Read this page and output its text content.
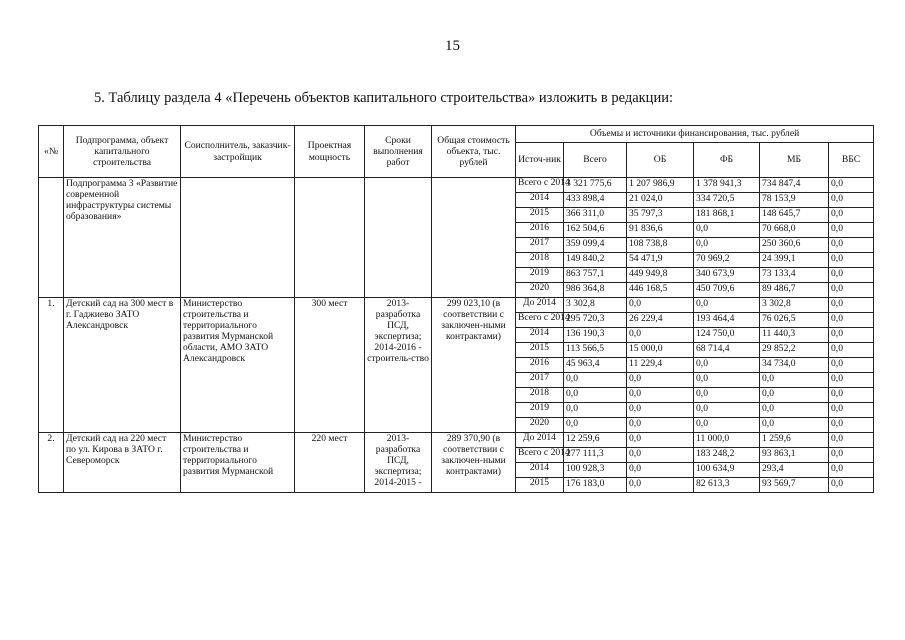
15
5. Таблицу раздела 4 «Перечень объектов капитального строительства» изложить в редакции:
«№	Подпрограмма, объект капитального строительства	Соисполнитель, заказчик-застройщик	Проектная мощность	Сроки выполнения работ	Общая стоимость объекта, тыс. рублей	Объемы и источники финансирования, тыс. рублей					
						Источ-ник	Всего	ОБ	ФБ	МБ	ВБС
	Подпрограмма 3 «Развитие современной инфраструктуры системы образования»					Всего с 2014	3 321 775,6	1 207 986,9	1 378 941,3	734 847,4	0,0
						2014	433 898,4	21 024,0	334 720,5	78 153,9	0,0
						2015	366 311,0	35 797,3	181 868,1	148 645,7	0,0
						2016	162 504,6	91 836,6	0,0	70 668,0	0,0
						2017	359 099,4	108 738,8	0,0	250 360,6	0,0
						2018	149 840,2	54 471,9	70 969,2	24 399,1	0,0
						2019	863 757,1	449 949,8	340 673,9	73 133,4	0,0
						2020	986 364,8	446 168,5	450 709,6	89 486,7	0,0
1.	Детский сад на 300 мест в г. Гаджиево ЗАТО Александровск	Министерство строительства и территориального развития Мурманской области, АМО ЗАТО Александровск	300 мест	2013- разработка ПСД, экспертиза; 2014-2016 - строитель-ство	299 023,10 (в соответствии с заключен-ными контрактами)	До 2014	3 302,8	0,0	0,0	3 302,8	0,0
						Всего с 2014	295 720,3	26 229,4	193 464,4	76 026,5	0,0
						2014	136 190,3	0,0	124 750,0	11 440,3	0,0
						2015	113 566,5	15 000,0	68 714,4	29 852,2	0,0
						2016	45 963,4	11 229,4	0,0	34 734,0	0,0
						2017	0,0	0,0	0,0	0,0	0,0
						2018	0,0	0,0	0,0	0,0	0,0
						2019	0,0	0,0	0,0	0,0	0,0
						2020	0,0	0,0	0,0	0,0	0,0
2.	Детский сад на 220 мест по ул. Кирова в ЗАТО г. Североморск	Министерство строительства и территориального развития Мурманской	220 мест	2013- разработка ПСД, экспертиза; 2014-2015 -	289 370,90 (в соответствии с заключен-ными контрактами)	До 2014	12 259,6	0,0	11 000,0	1 259,6	0,0
						Всего с 2014	277 111,3	0,0	183 248,2	93 863,1	0,0
						2014	100 928,3	0,0	100 634,9	293,4	0,0
						2015	176 183,0	0,0	82 613,3	93 569,7	0,0
